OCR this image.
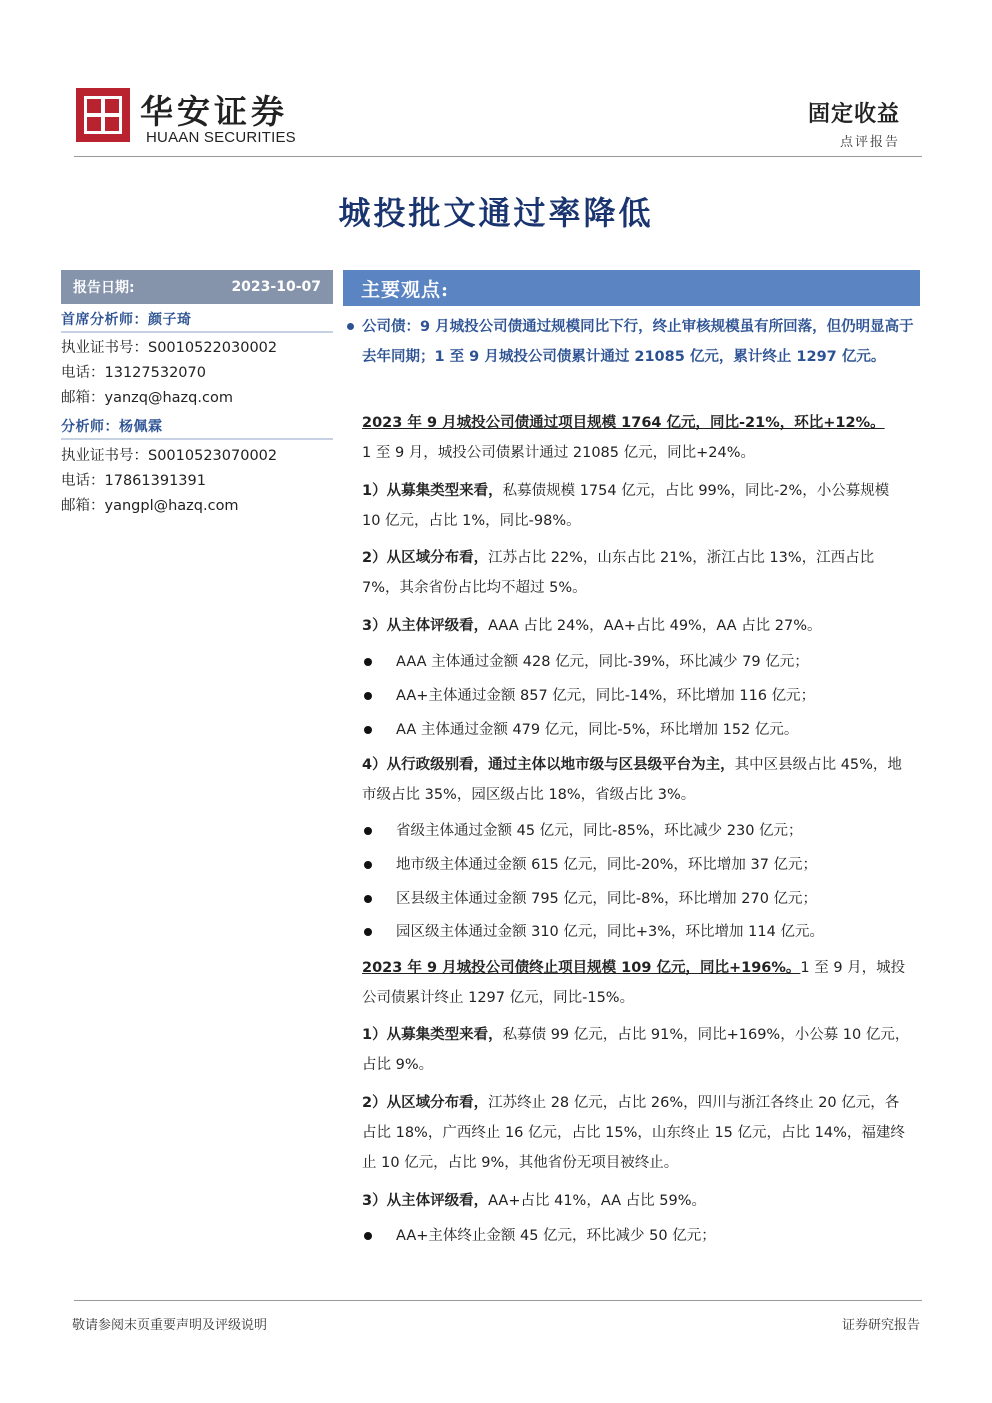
华安证券
HUAAN SECURITIES
固定收益
点评报告
城投批文通过率降低
报告日期:	2023-10-07
首席分析师：颜子琦
执业证书号：S0010522030002
电话：13127532070
邮箱：yanzq@hazq.com
分析师：杨佩霖
执业证书号：S0010523070002
电话：17861391391
邮箱：yangpl@hazq.com
主要观点:
公司债：9 月城投公司债通过规模同比下行，终止审核规模虽有所回落，但仍明显高于去年同期；1 至 9 月城投公司债累计通过 21085 亿元，累计终止 1297 亿元。
2023 年 9 月城投公司债通过项目规模 1764 亿元，同比-21%，环比+12%。
1 至 9 月，城投公司债累计通过 21085 亿元，同比+24%。
1）从募集类型来看，私募债规模 1754 亿元，占比 99%，同比-2%，小公募规模 10 亿元，占比 1%，同比-98%。
2）从区域分布看，江苏占比 22%，山东占比 21%，浙江占比 13%，江西占比 7%，其余省份占比均不超过 5%。
3）从主体评级看，AAA 占比 24%，AA+占比 49%，AA 占比 27%。
AAA 主体通过金额 428 亿元，同比-39%，环比减少 79 亿元；
AA+主体通过金额 857 亿元，同比-14%，环比增加 116 亿元；
AA 主体通过金额 479 亿元，同比-5%，环比增加 152 亿元。
4）从行政级别看，通过主体以地市级与区县级平台为主，其中区县级占比 45%，地市级占比 35%，园区级占比 18%，省级占比 3%。
省级主体通过金额 45 亿元，同比-85%，环比减少 230 亿元；
地市级主体通过金额 615 亿元，同比-20%，环比增加 37 亿元；
区县级主体通过金额 795 亿元，同比-8%，环比增加 270 亿元；
园区级主体通过金额 310 亿元，同比+3%，环比增加 114 亿元。
2023 年 9 月城投公司债终止项目规模 109 亿元，同比+196%。1 至 9 月，城投公司债累计终止 1297 亿元，同比-15%。
1）从募集类型来看，私募债 99 亿元，占比 91%，同比+169%，小公募 10 亿元，占比 9%。
2）从区域分布看，江苏终止 28 亿元，占比 26%，四川与浙江各终止 20 亿元，各占比 18%，广西终止 16 亿元，占比 15%，山东终止 15 亿元，占比 14%，福建终止 10 亿元，占比 9%，其他省份无项目被终止。
3）从主体评级看，AA+占比 41%，AA 占比 59%。
AA+主体终止金额 45 亿元，环比减少 50 亿元；
敬请参阅末页重要声明及评级说明	证券研究报告
